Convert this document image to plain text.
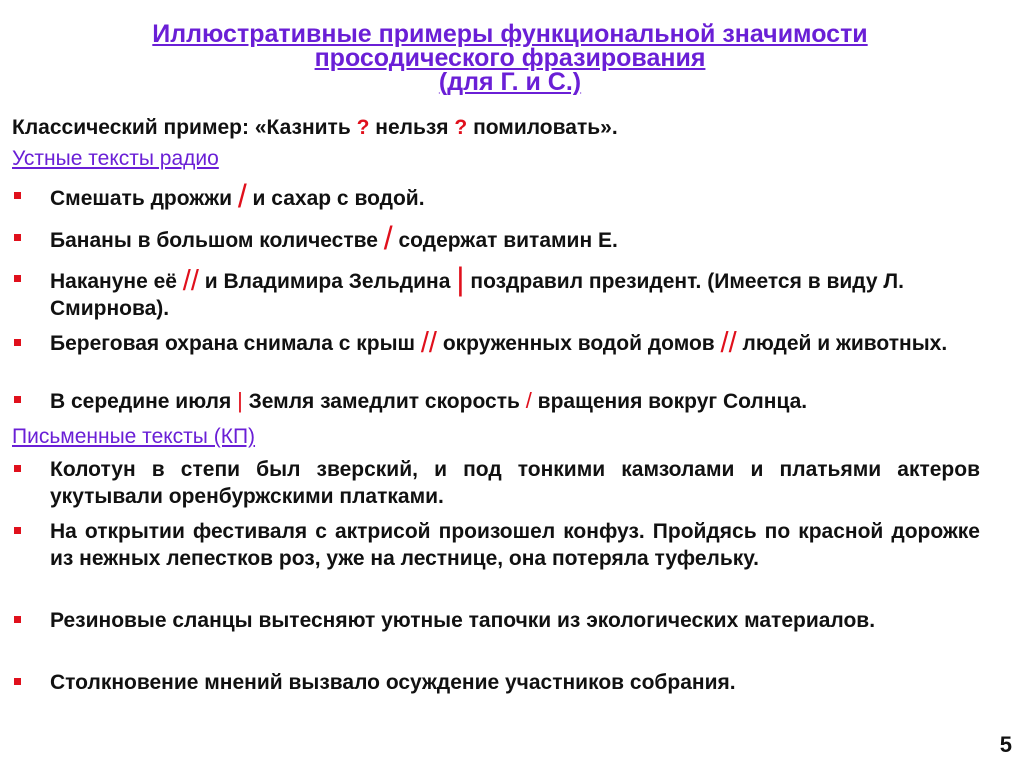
Иллюстративные примеры функциональной значимости
просодического фразирования
(для Г. и С.)
Классический пример: «Казнить ? нельзя ? помиловать».
Устные тексты радио
Смешать дрожжи / и сахар с водой.
Бананы в большом количестве / содержат витамин Е.
Накануне её // и Владимира Зельдина | поздравил президент. (Имеется в виду Л. Смирнова).
Береговая охрана снимала с крыш // окруженных водой домов // людей и животных.
В середине июля | Земля замедлит скорость / вращения вокруг Солнца.
Письменные тексты (КП)
Колотун в степи был зверский, и под тонкими камзолами и платьями актеров укутывали оренбуржскими платками.
На открытии фестиваля с актрисой произошел конфуз. Пройдясь по красной дорожке из нежных лепестков роз, уже на лестнице, она потеряла туфельку.
Резиновые сланцы вытесняют уютные тапочки из экологических материалов.
Столкновение мнений вызвало осуждение участников собрания.
5
